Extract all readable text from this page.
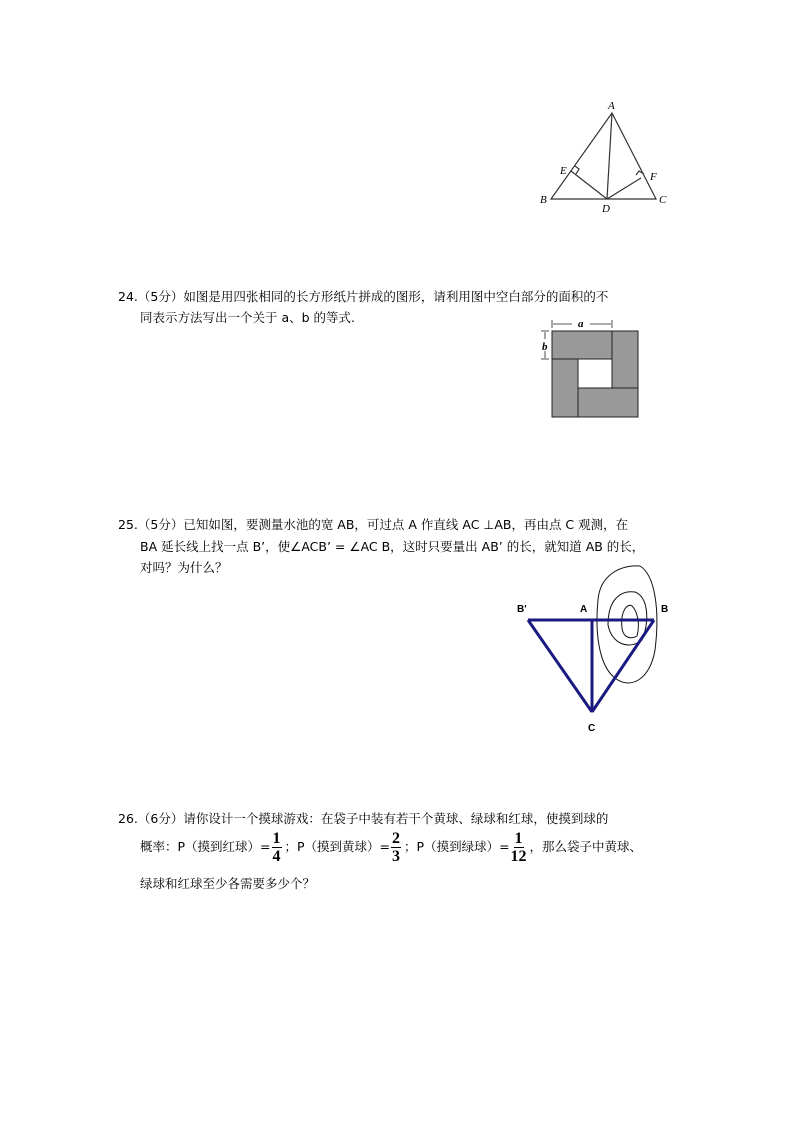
A
B	C
D
E	F
a
b
B'	A	B
C
24.（5分）如图是用四张相同的长方形纸片拼成的图形，请利用图中空白部分的面积的不
同表示方法写出一个关于 a、b 的等式.
25.（5分）已知如图，要测量水池的宽 AB，可过点 A 作直线 AC ⊥AB，再由点 C 观测，在
BA 延长线上找一点 B’，使∠ACB’ = ∠AC B，这时只要量出 AB’ 的长，就知道 AB 的长，
对吗？为什么？
26.（6分）请你设计一个摸球游戏：在袋子中装有若干个黄球、绿球和红球，使摸到球的
概率：P（摸到红球）= $\frac{1}{4}$ ；P（摸到黄球）= $\frac{2}{3}$ ；P（摸到绿球）= $\frac{1}{12}$ ，那么袋子中黄球、
绿球和红球至少各需要多少个？
